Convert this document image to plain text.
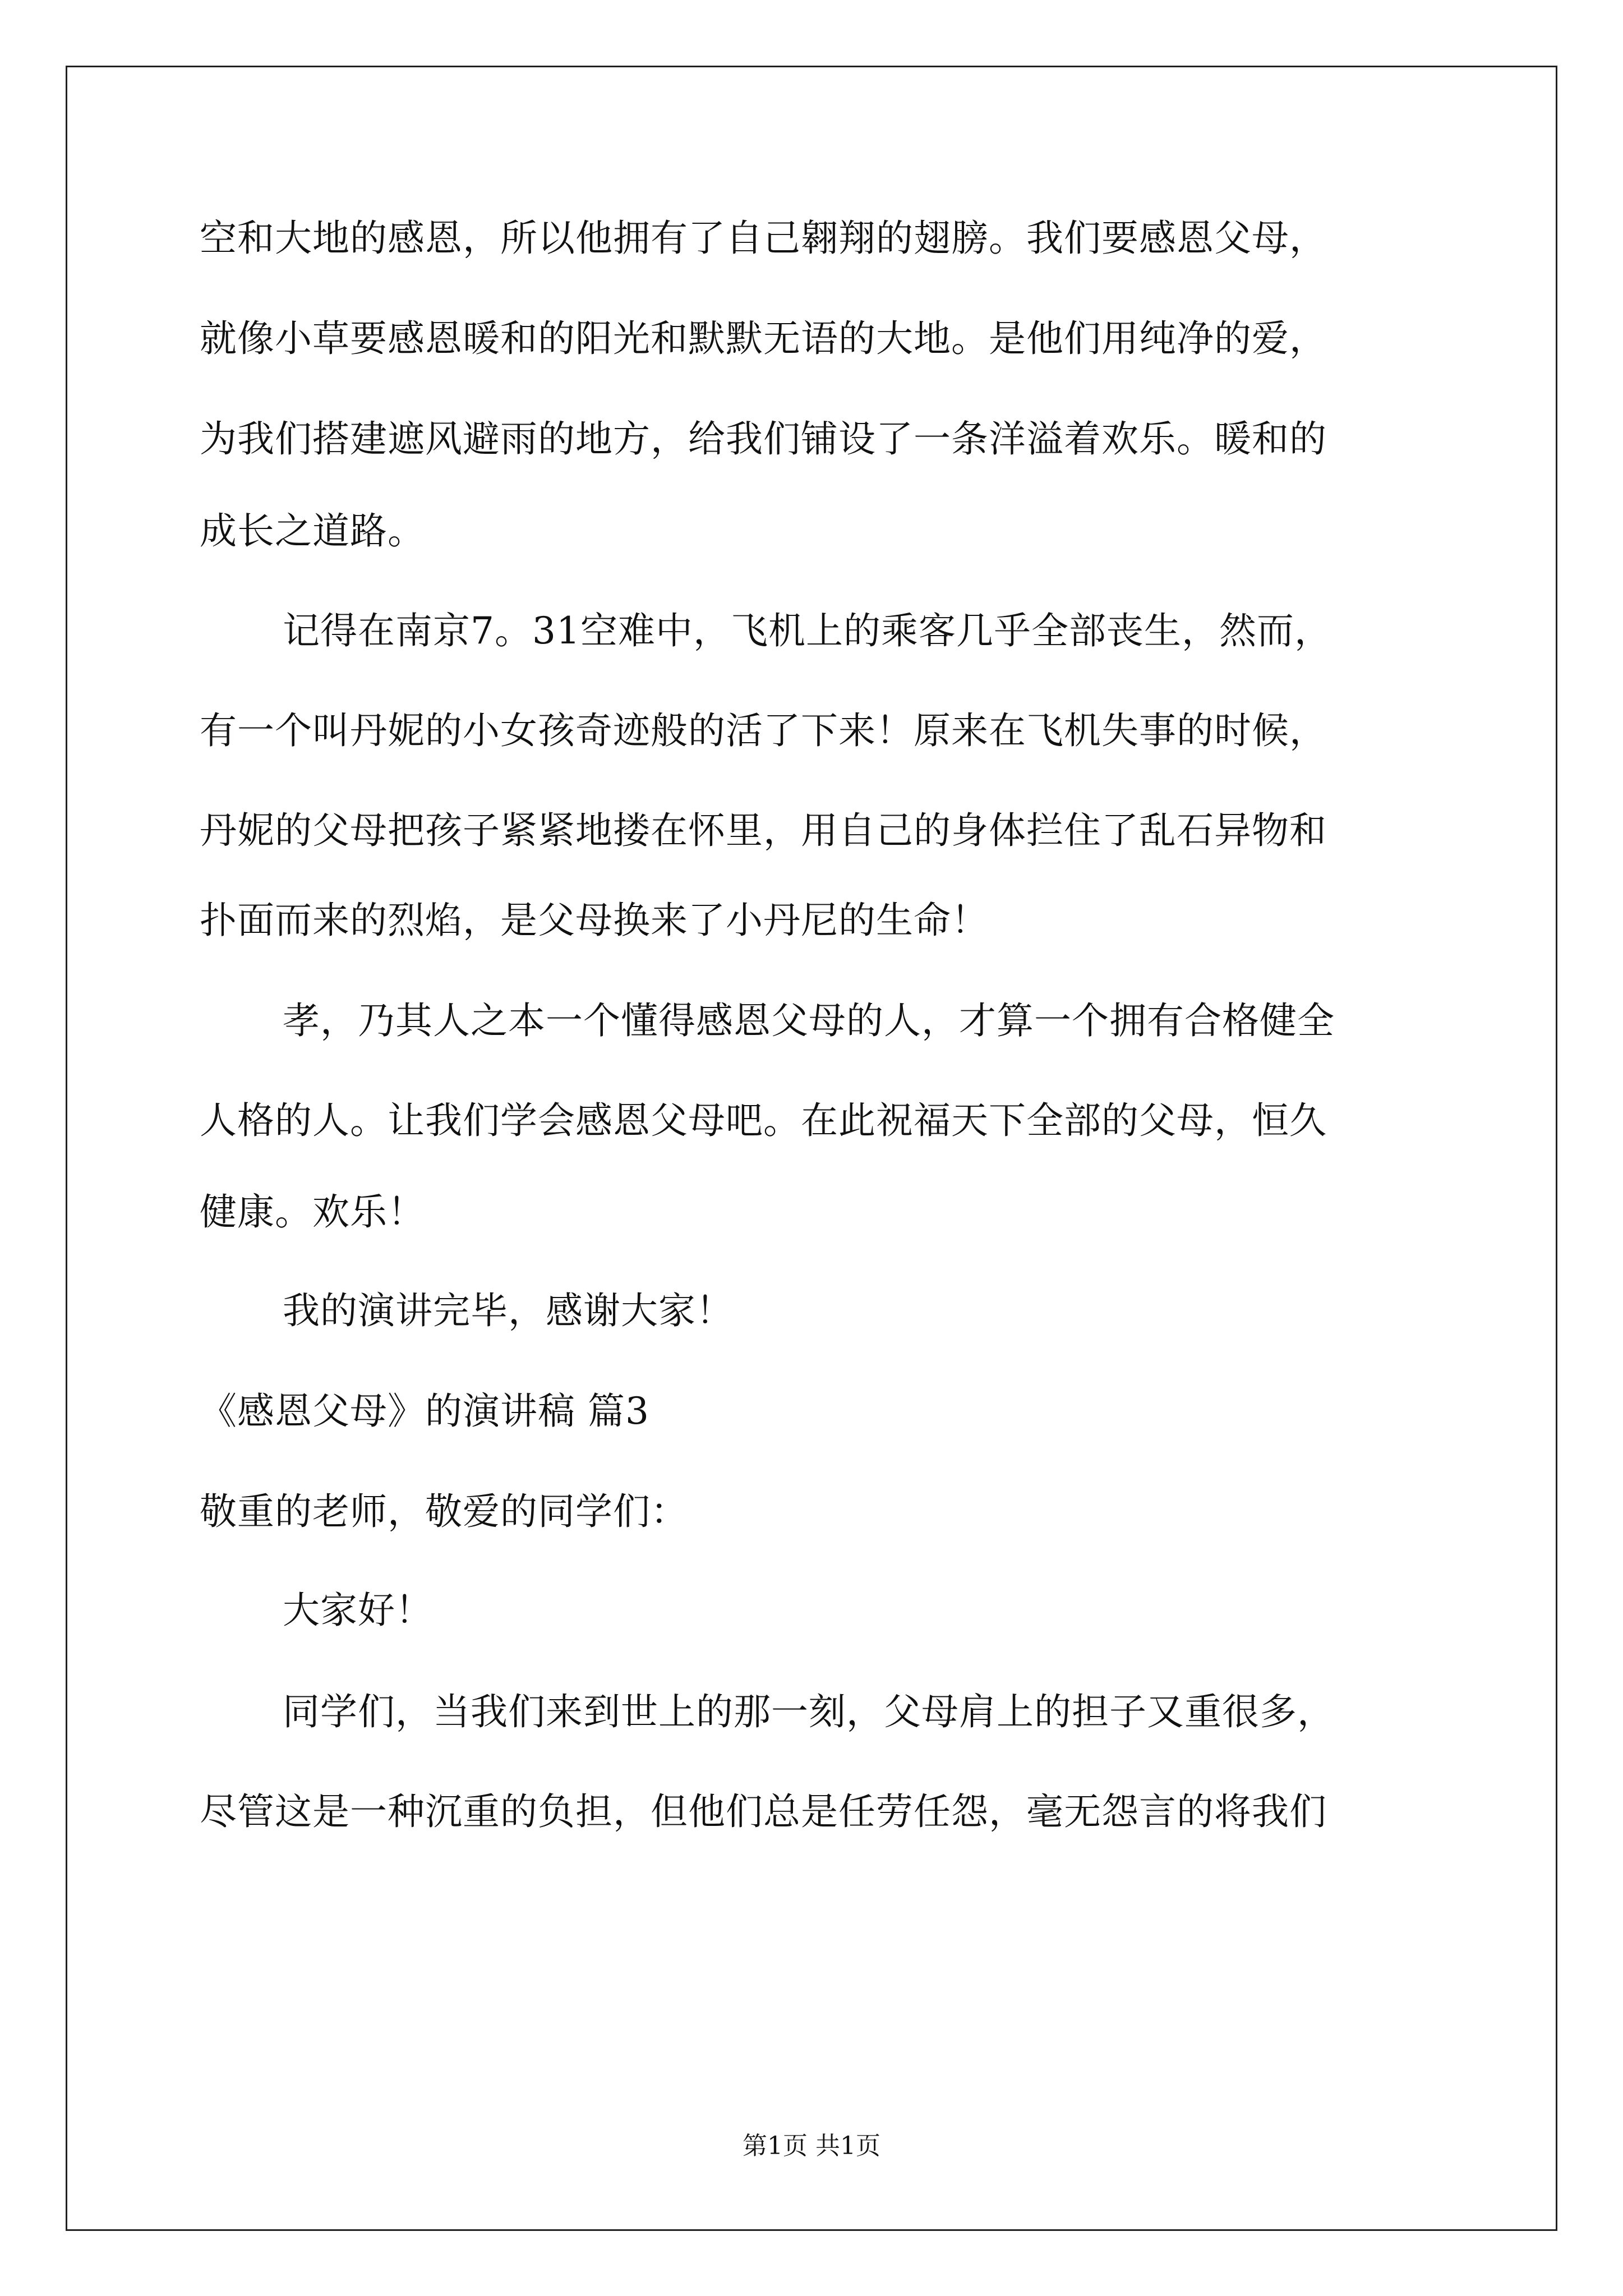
空和大地的感恩，所以他拥有了自己翱翔的翅膀。我们要感恩父母，
就像小草要感恩暖和的阳光和默默无语的大地。是他们用纯净的爱，
为我们搭建遮风避雨的地方，给我们铺设了一条洋溢着欢乐。暖和的
成长之道路。
记得在南京7。31空难中，飞机上的乘客几乎全部丧生，然而，
有一个叫丹妮的小女孩奇迹般的活了下来！原来在飞机失事的时候，
丹妮的父母把孩子紧紧地搂在怀里，用自己的身体拦住了乱石异物和
扑面而来的烈焰，是父母换来了小丹尼的生命！
孝，乃其人之本一个懂得感恩父母的人，才算一个拥有合格健全
人格的人。让我们学会感恩父母吧。在此祝福天下全部的父母，恒久
健康。欢乐！
我的演讲完毕，感谢大家！
《感恩父母》的演讲稿 篇3
敬重的老师，敬爱的同学们：
大家好！
同学们，当我们来到世上的那一刻，父母肩上的担子又重很多，
尽管这是一种沉重的负担，但他们总是任劳任怨，毫无怨言的将我们
第1页 共1页
